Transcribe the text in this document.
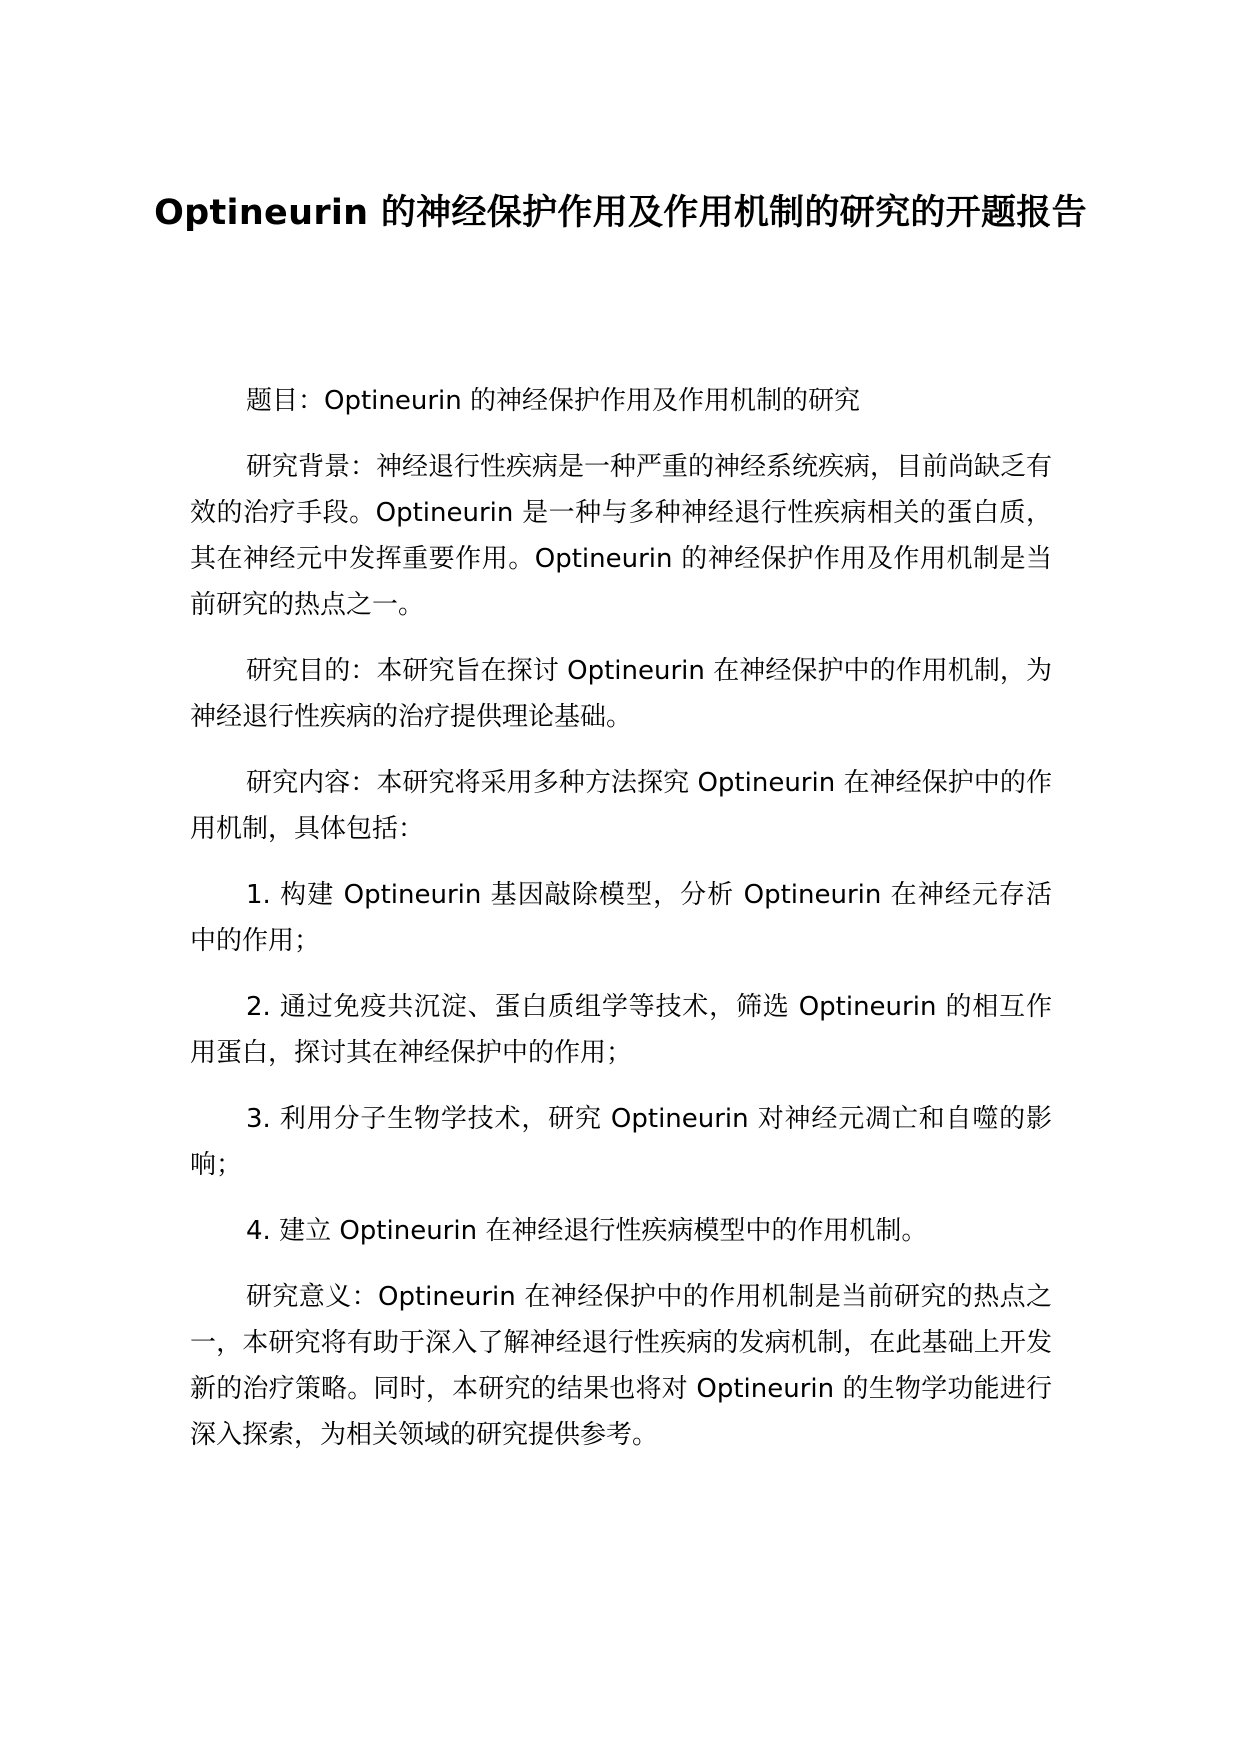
Optineurin 的神经保护作用及作用机制的研究的开题报告

题目：Optineurin 的神经保护作用及作用机制的研究

研究背景：神经退行性疾病是一种严重的神经系统疾病，目前尚缺乏有效的治疗手段。Optineurin 是一种与多种神经退行性疾病相关的蛋白质，其在神经元中发挥重要作用。Optineurin 的神经保护作用及作用机制是当前研究的热点之一。

研究目的：本研究旨在探讨 Optineurin 在神经保护中的作用机制，为神经退行性疾病的治疗提供理论基础。

研究内容：本研究将采用多种方法探究 Optineurin 在神经保护中的作用机制，具体包括：

1. 构建 Optineurin 基因敲除模型，分析 Optineurin 在神经元存活中的作用；

2. 通过免疫共沉淀、蛋白质组学等技术，筛选 Optineurin 的相互作用蛋白，探讨其在神经保护中的作用；

3. 利用分子生物学技术，研究 Optineurin 对神经元凋亡和自噬的影响；

4. 建立 Optineurin 在神经退行性疾病模型中的作用机制。

研究意义：Optineurin 在神经保护中的作用机制是当前研究的热点之一，本研究将有助于深入了解神经退行性疾病的发病机制，在此基础上开发新的治疗策略。同时，本研究的结果也将对 Optineurin 的生物学功能进行深入探索，为相关领域的研究提供参考。
